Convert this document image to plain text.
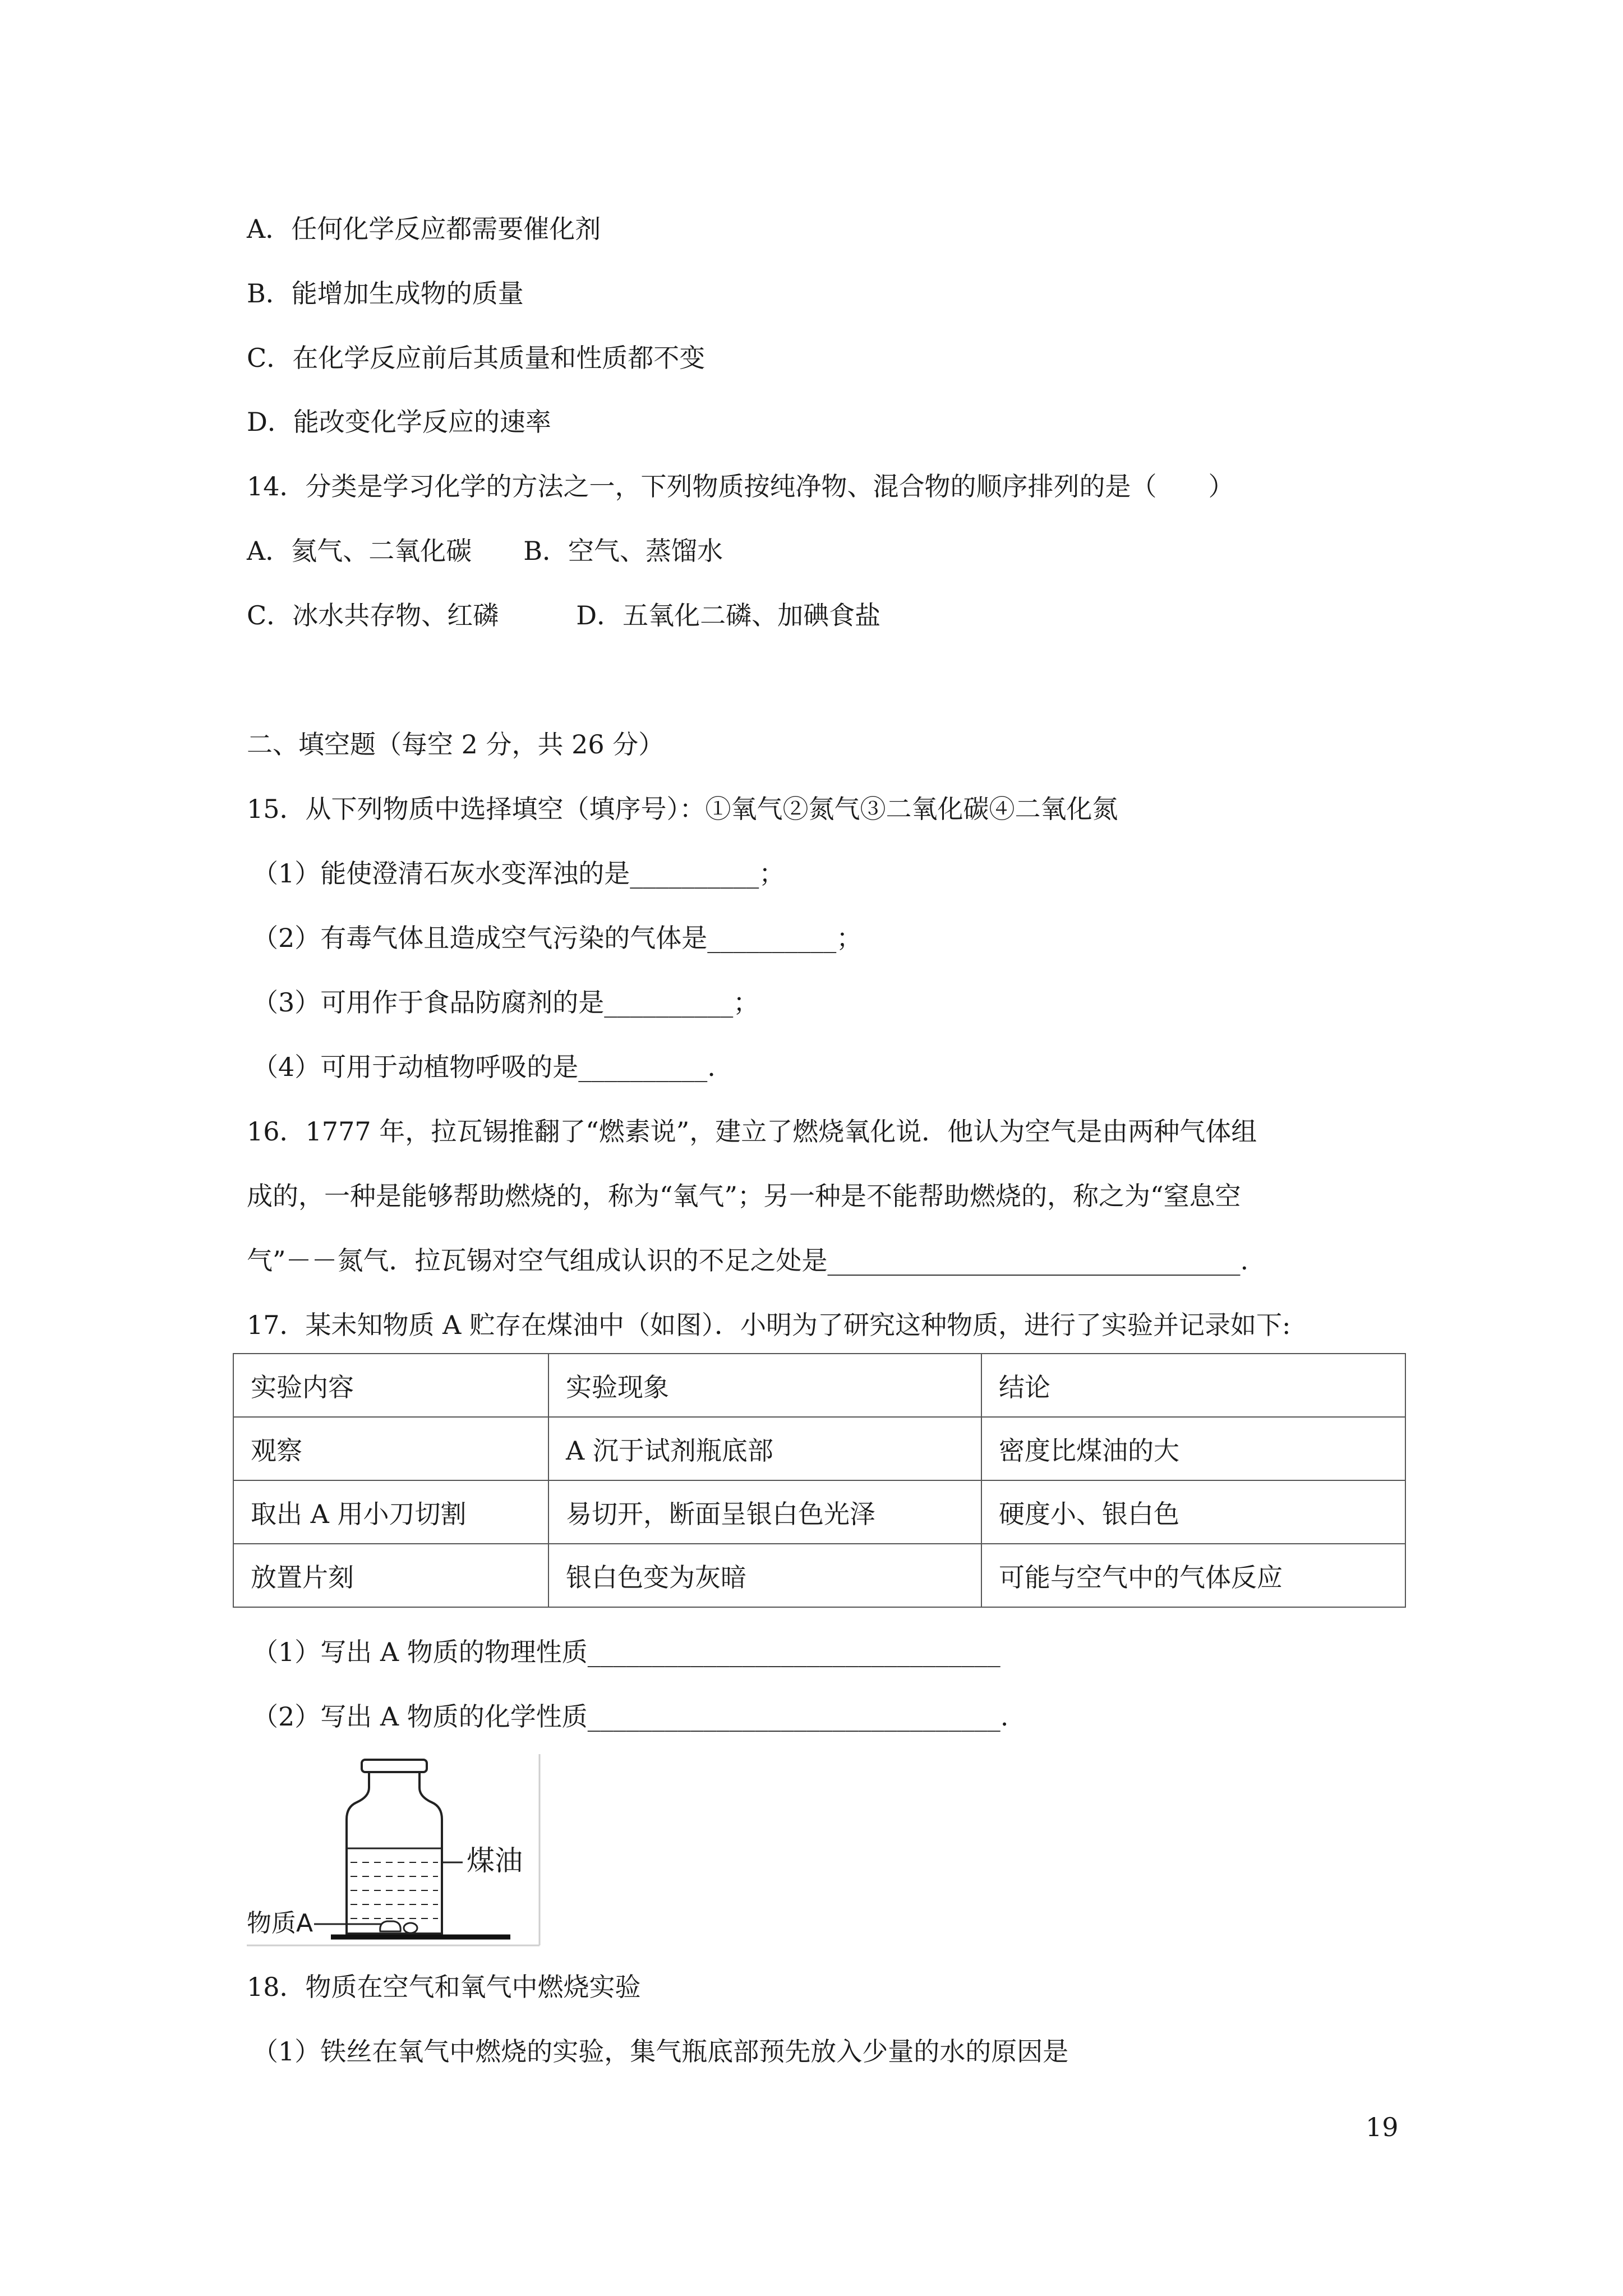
A．任何化学反应都需要催化剂
B．能增加生成物的质量
C．在化学反应前后其质量和性质都不变
D．能改变化学反应的速率
14．分类是学习化学的方法之一，下列物质按纯净物、混合物的顺序排列的是（　　）
A．氦气、二氧化碳　　B．空气、蒸馏水
C．冰水共存物、红磷　　　D．五氧化二磷、加碘食盐
二、填空题（每空 2 分，共 26 分）
15．从下列物质中选择填空（填序号）：①氧气②氮气③二氧化碳④二氧化氮
（1）能使澄清石灰水变浑浊的是__________；
（2）有毒气体且造成空气污染的气体是__________；
（3）可用作于食品防腐剂的是__________；
（4）可用于动植物呼吸的是__________.
16．1777 年，拉瓦锡推翻了“燃素说”，建立了燃烧氧化说．他认为空气是由两种气体组
成的，一种是能够帮助燃烧的，称为“氧气”；另一种是不能帮助燃烧的，称之为“窒息空
气”－－氮气．拉瓦锡对空气组成认识的不足之处是________________________________.
17．某未知物质 A 贮存在煤油中（如图）．小明为了研究这种物质，进行了实验并记录如下:
实验内容	实验现象	结论
观察	A 沉于试剂瓶底部	密度比煤油的大
取出 A 用小刀切割	易切开，断面呈银白色光泽	硬度小、银白色
放置片刻	银白色变为灰暗	可能与空气中的气体反应
（1）写出 A 物质的物理性质________________________________
（2）写出 A 物质的化学性质________________________________.
煤油
物质A
18．物质在空气和氧气中燃烧实验
（1）铁丝在氧气中燃烧的实验，集气瓶底部预先放入少量的水的原因是
19
